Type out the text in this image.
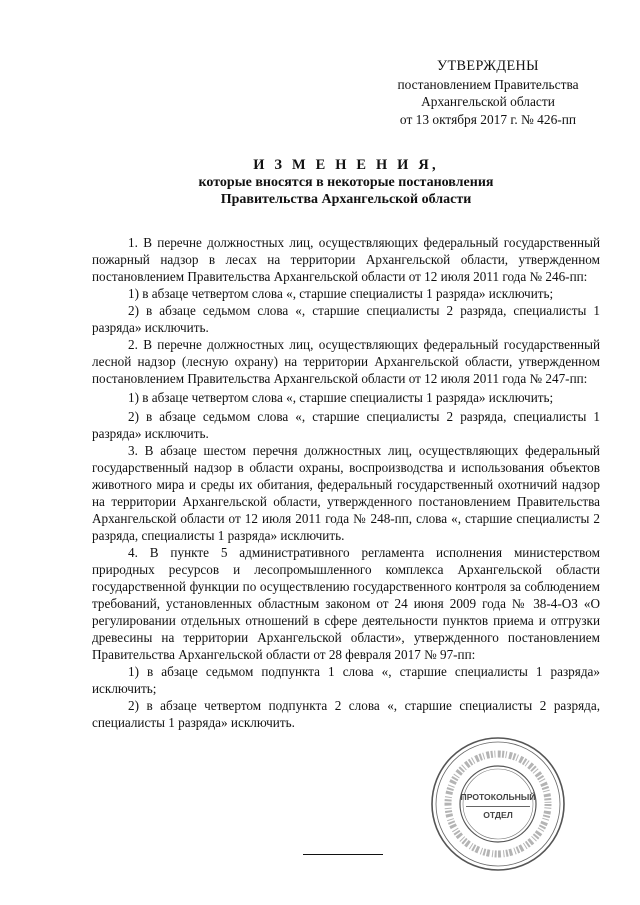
УТВЕРЖДЕНЫ
постановлением Правительства
Архангельской области
от 13 октября 2017 г. № 426-пп
И З М Е Н Е Н И Я,
которые вносятся в некоторые постановления
Правительства Архангельской области

1. В перечне должностных лиц, осуществляющих федеральный государственный пожарный надзор в лесах на территории Архангельской области, утвержденном постановлением Правительства Архангельской области от 12 июля 2011 года № 246-пп:

1) в абзаце четвертом слова «, старшие специалисты 1 разряда» исключить;

2) в абзаце седьмом слова «, старшие специалисты 2 разряда, специалисты 1 разряда» исключить.

2. В перечне должностных лиц, осуществляющих федеральный государственный лесной надзор (лесную охрану) на территории Архангельской области, утвержденном постановлением Правительства Архангельской области от 12 июля 2011 года № 247-пп:

1) в абзаце четвертом слова «, старшие специалисты 1 разряда» исключить;

2) в абзаце седьмом слова «, старшие специалисты 2 разряда, специалисты 1 разряда» исключить.

3. В абзаце шестом перечня должностных лиц, осуществляющих федеральный государственный надзор в области охраны, воспроизводства и использования объектов животного мира и среды их обитания, федеральный государственный охотничий надзор на территории Архангельской области, утвержденного постановлением Правительства Архангельской области от 12 июля 2011 года № 248-пп, слова «, старшие специалисты 2 разряда, специалисты 1 разряда» исключить.

4. В пункте 5 административного регламента исполнения министерством природных ресурсов и лесопромышленного комплекса Архангельской области государственной функции по осуществлению государственного контроля за соблюдением требований, установленных областным законом от 24 июня 2009 года № 38-4-ОЗ «О регулировании отдельных отношений в сфере деятельности пунктов приема и отгрузки древесины на территории Архангельской области», утвержденного постановлением Правительства Архангельской области от 28 февраля 2017 № 97-пп:

1) в абзаце седьмом подпункта 1 слова «, старшие специалисты 1 разряда» исключить;

2) в абзаце четвертом подпункта 2 слова «, старшие специалисты 2 разряда, специалисты 1 разряда» исключить.

ПРОТОКОЛЬНЫЙ
ОТДЕЛ
